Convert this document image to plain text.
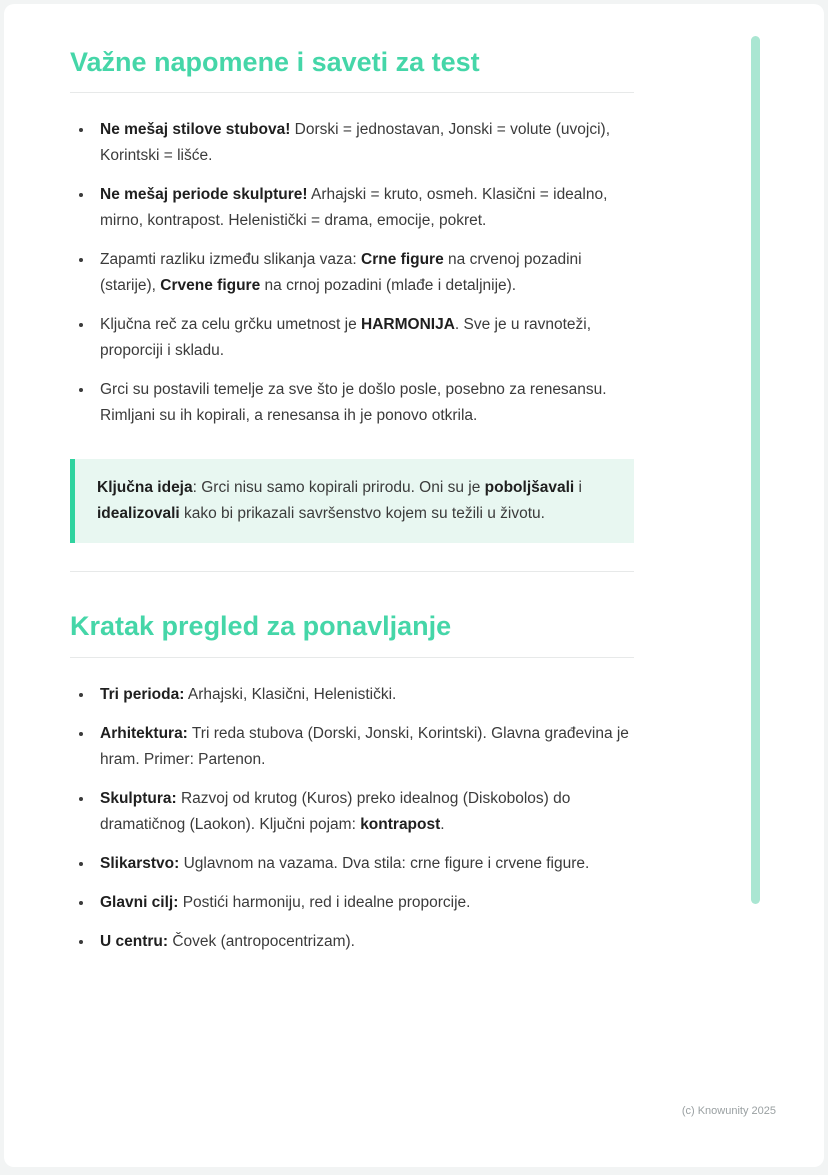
Važne napomene i saveti za test
• Ne mešaj stilove stubova! Dorski = jednostavan, Jonski = volute (uvojci), Korintski = lišće.
• Ne mešaj periode skulpture! Arhajski = kruto, osmeh. Klasični = idealno, mirno, kontrapost. Helenistički = drama, emocije, pokret.
• Zapamti razliku između slikanja vaza: Crne figure na crvenoj pozadini (starije), Crvene figure na crnoj pozadini (mlađe i detaljnije).
• Ključna reč za celu grčku umetnost je HARMONIJA. Sve je u ravnoteži, proporciji i skladu.
• Grci su postavili temelje za sve što je došlo posle, posebno za renesansu. Rimljani su ih kopirali, a renesansa ih je ponovo otkrila.

Ključna ideja: Grci nisu samo kopirali prirodu. Oni su je poboljšavali i idealizovali kako bi prikazali savršenstvo kojem su težili u životu.

Kratak pregled za ponavljanje
• Tri perioda: Arhajski, Klasični, Helenistički.
• Arhitektura: Tri reda stubova (Dorski, Jonski, Korintski). Glavna građevina je hram. Primer: Partenon.
• Skulptura: Razvoj od krutog (Kuros) preko idealnog (Diskobolos) do dramatičnog (Laokon). Ključni pojam: kontrapost.
• Slikarstvo: Uglavnom na vazama. Dva stila: crne figure i crvene figure.
• Glavni cilj: Postići harmoniju, red i idealne proporcije.
• U centru: Čovek (antropocentrizam).
(c) Knowunity 2025
